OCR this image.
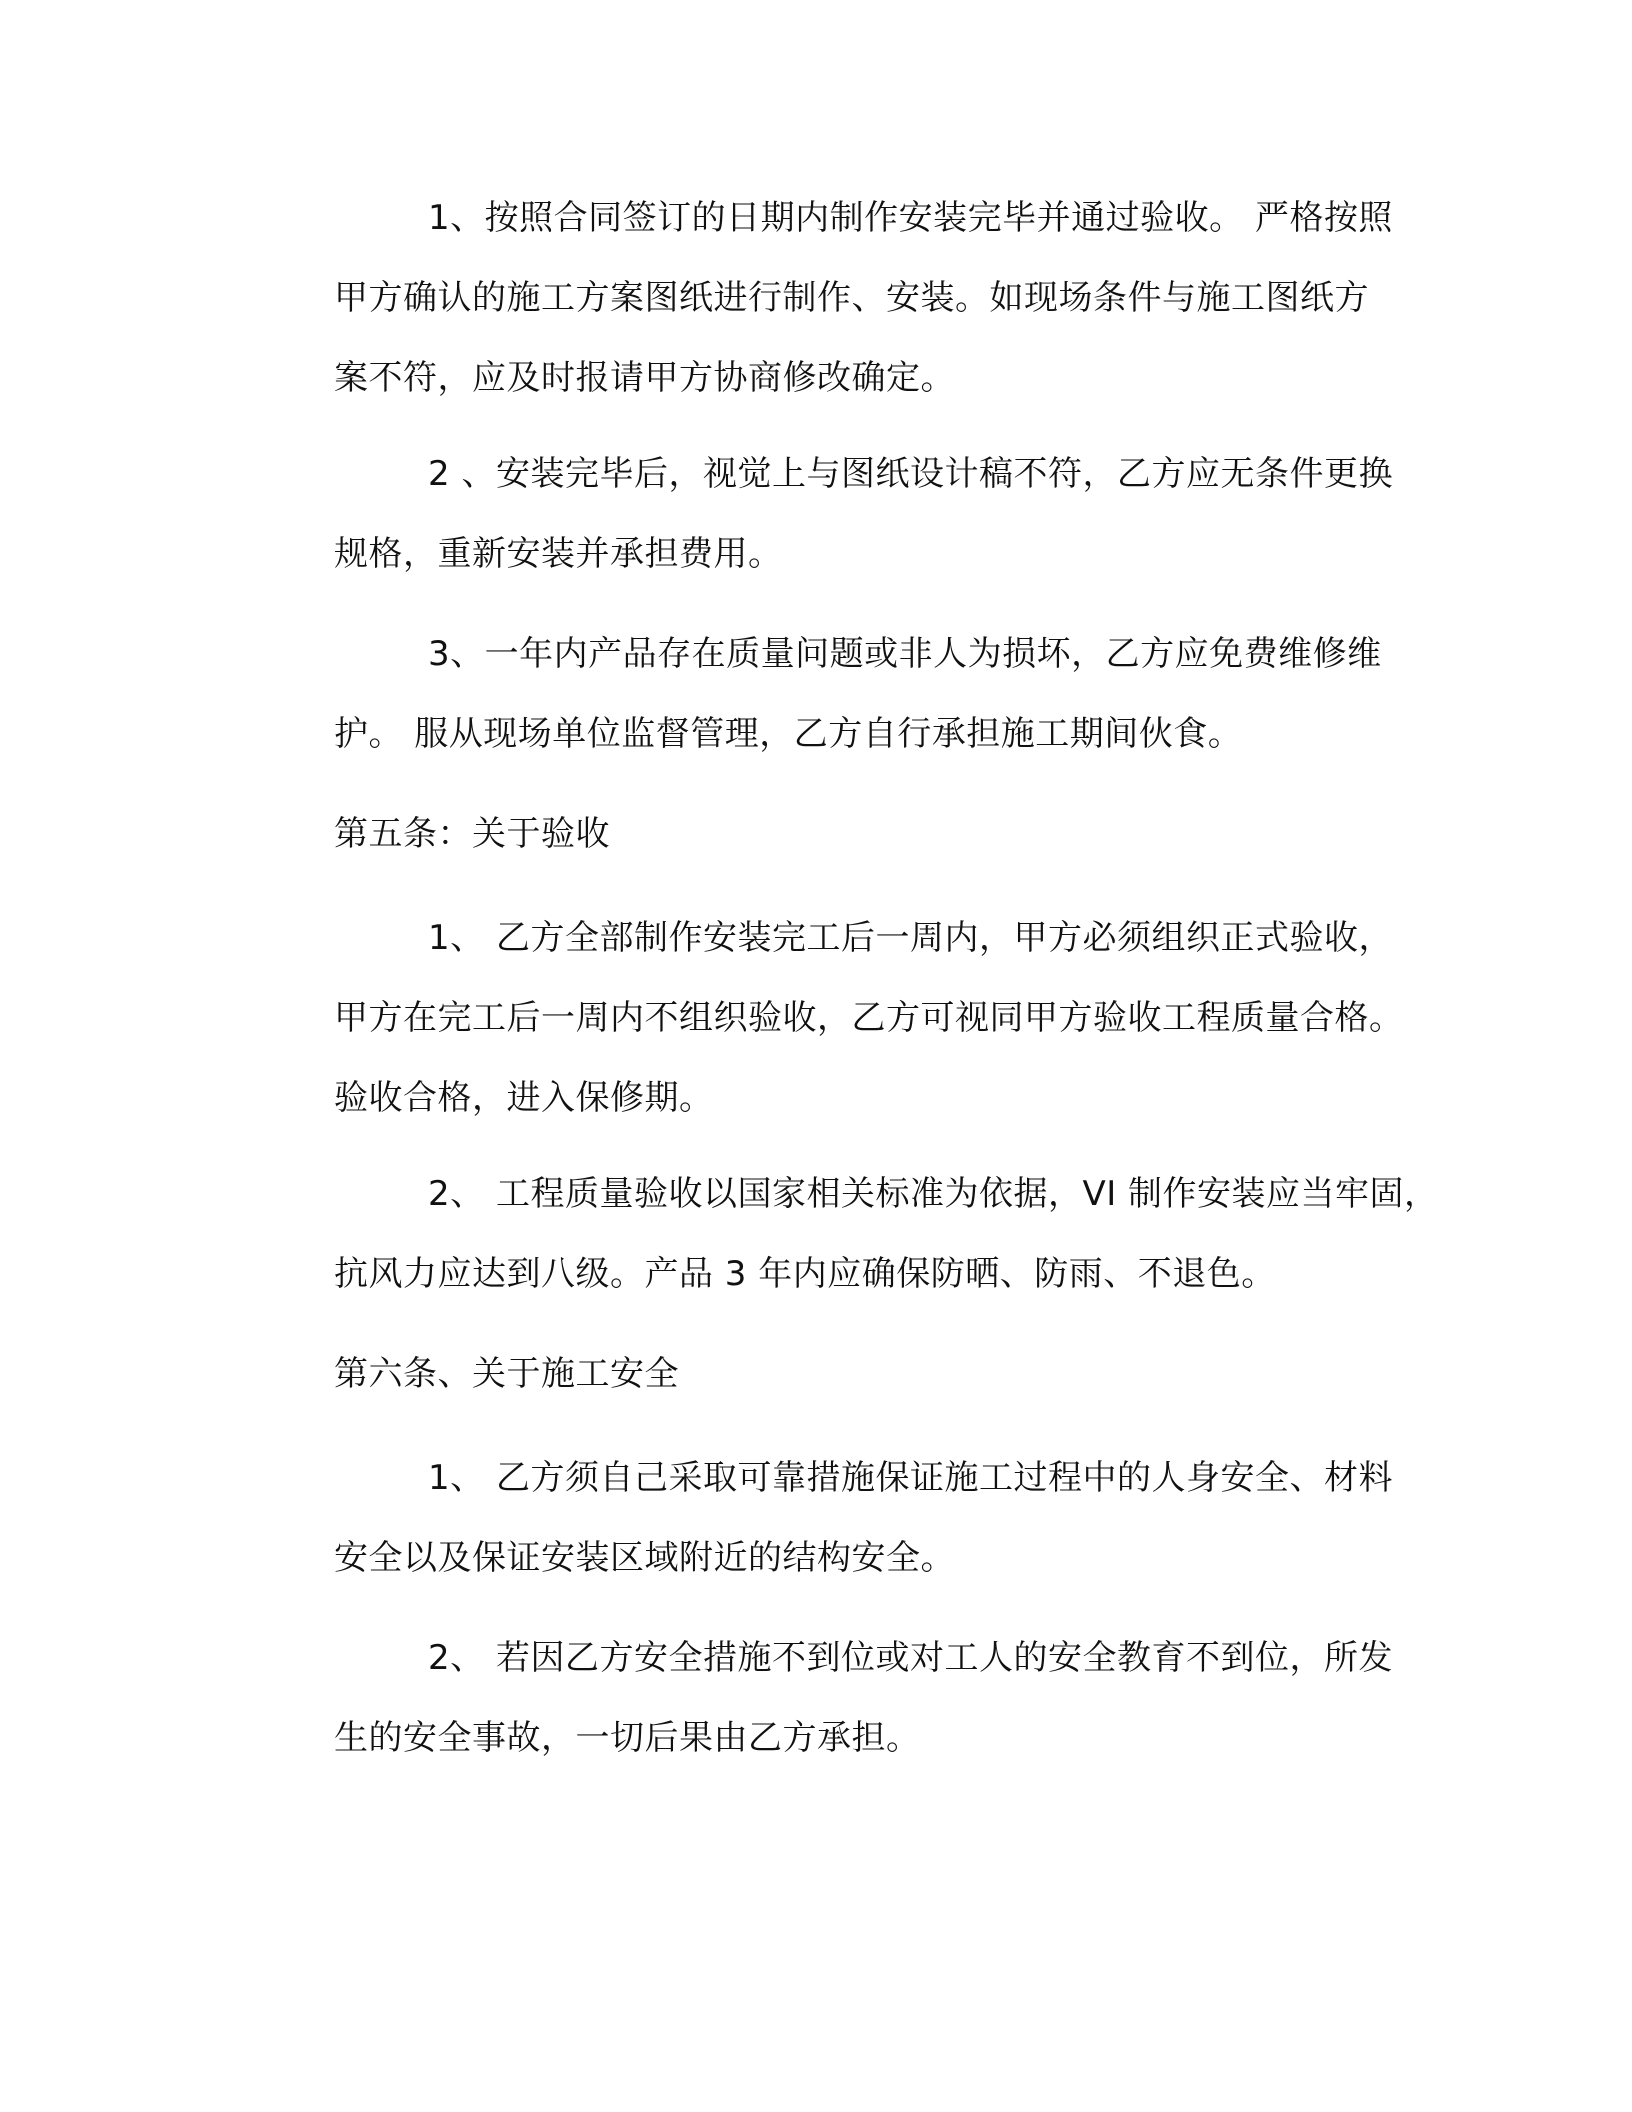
1、按照合同签订的日期内制作安装完毕并通过验收。 严格按照
甲方确认的施工方案图纸进行制作、安装。如现场条件与施工图纸方
案不符，应及时报请甲方协商修改确定。
2 、安装完毕后，视觉上与图纸设计稿不符，乙方应无条件更换
规格，重新安装并承担费用。
3、一年内产品存在质量问题或非人为损坏，乙方应免费维修维
护。 服从现场单位监督管理，乙方自行承担施工期间伙食。
第五条：关于验收
1、 乙方全部制作安装完工后一周内，甲方必须组织正式验收，
甲方在完工后一周内不组织验收，乙方可视同甲方验收工程质量合格。
验收合格，进入保修期。
2、 工程质量验收以国家相关标准为依据，VI 制作安装应当牢固，
抗风力应达到八级。产品 3 年内应确保防晒、防雨、不退色。
第六条、关于施工安全
1、 乙方须自己采取可靠措施保证施工过程中的人身安全、材料
安全以及保证安装区域附近的结构安全。
2、 若因乙方安全措施不到位或对工人的安全教育不到位，所发
生的安全事故，一切后果由乙方承担。
